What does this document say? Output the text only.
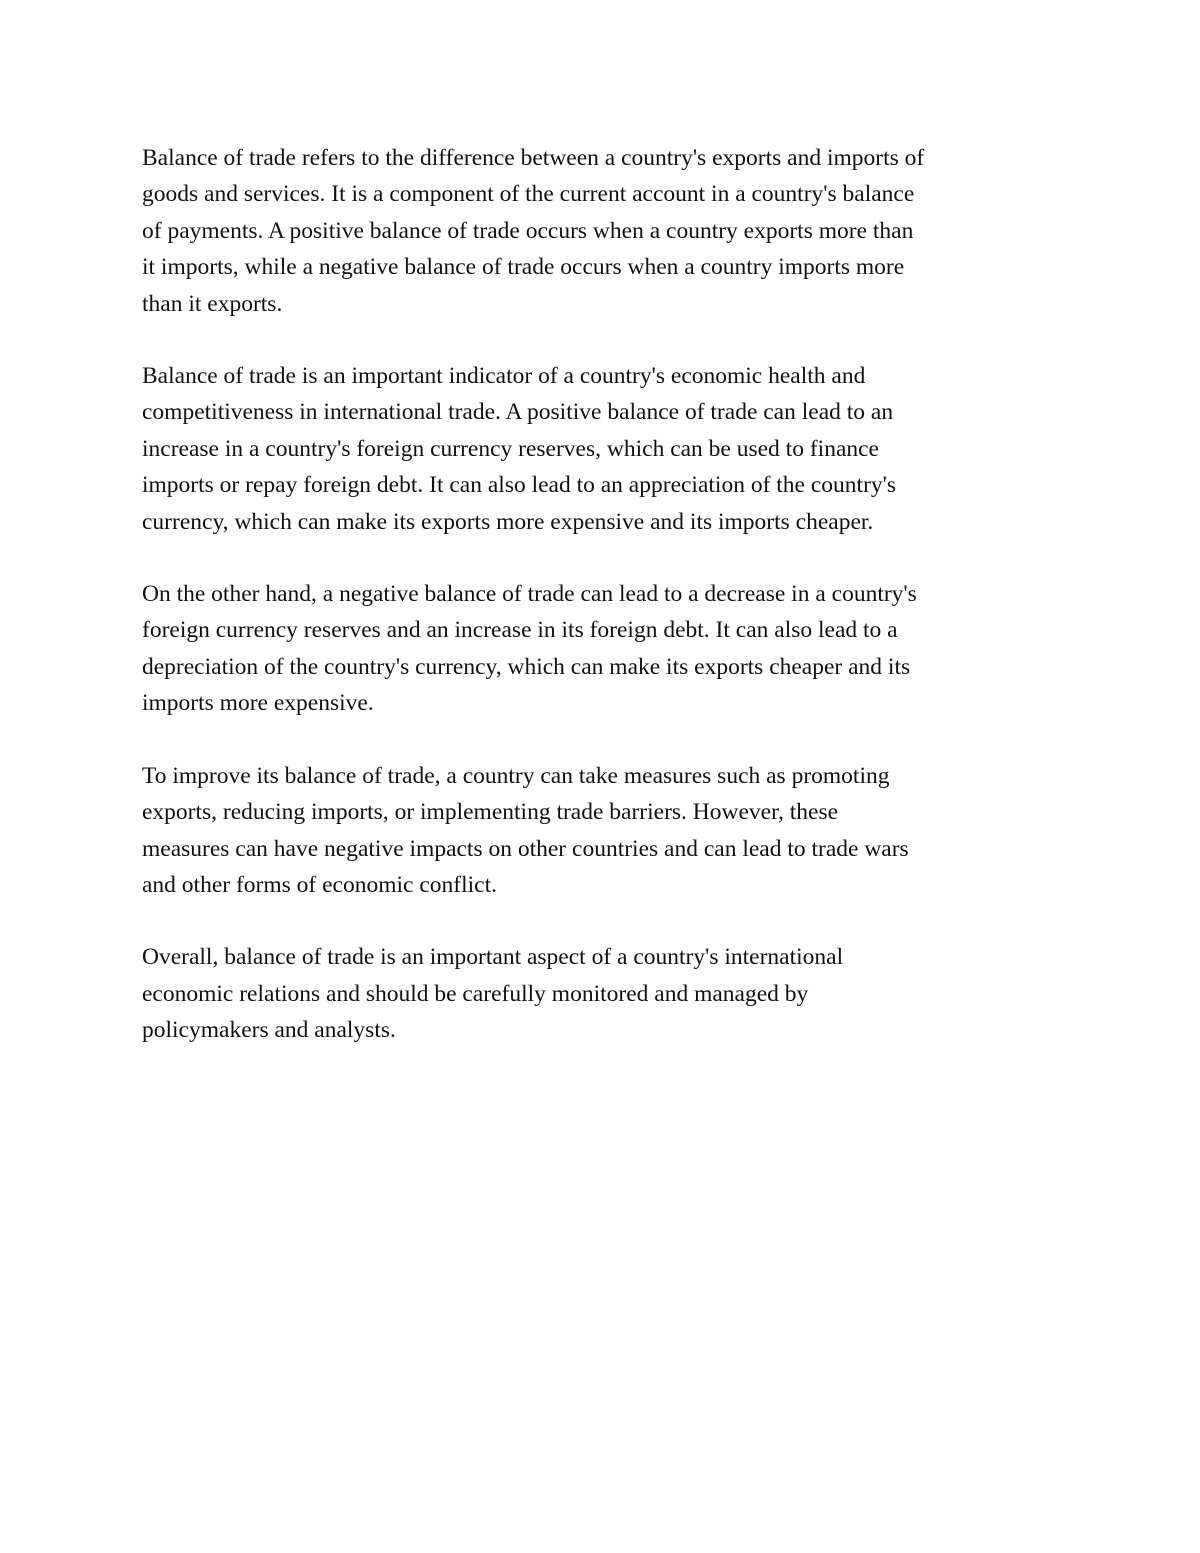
Balance of trade refers to the difference between a country's exports and imports of
goods and services. It is a component of the current account in a country's balance
of payments. A positive balance of trade occurs when a country exports more than
it imports, while a negative balance of trade occurs when a country imports more
than it exports.

Balance of trade is an important indicator of a country's economic health and
competitiveness in international trade. A positive balance of trade can lead to an
increase in a country's foreign currency reserves, which can be used to finance
imports or repay foreign debt. It can also lead to an appreciation of the country's
currency, which can make its exports more expensive and its imports cheaper.

On the other hand, a negative balance of trade can lead to a decrease in a country's
foreign currency reserves and an increase in its foreign debt. It can also lead to a
depreciation of the country's currency, which can make its exports cheaper and its
imports more expensive.

To improve its balance of trade, a country can take measures such as promoting
exports, reducing imports, or implementing trade barriers. However, these
measures can have negative impacts on other countries and can lead to trade wars
and other forms of economic conflict.

Overall, balance of trade is an important aspect of a country's international
economic relations and should be carefully monitored and managed by
policymakers and analysts.
